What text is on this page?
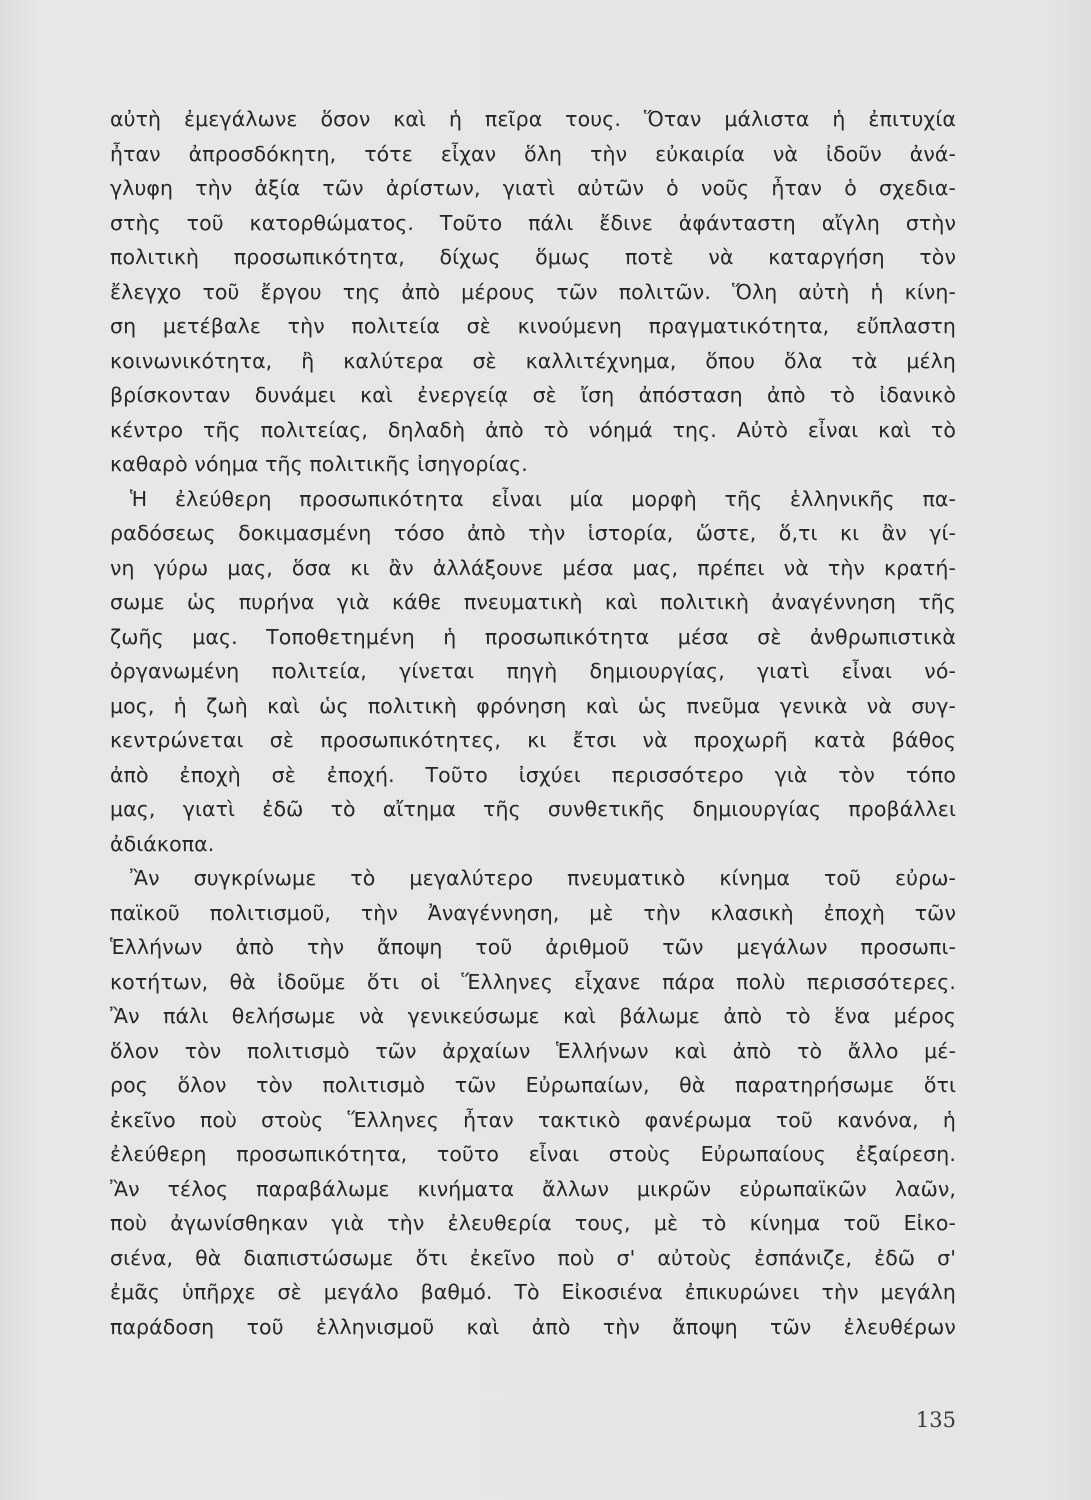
αὐτὴ ἐμεγάλωνε ὅσον καὶ ἡ πεῖρα τους. Ὅταν μάλιστα ἡ ἐπιτυχία
ἦταν ἀπροσδόκητη, τότε εἶχαν ὅλη τὴν εὐκαιρία νὰ ἰδοῦν ἀνά-
γλυφη τὴν ἀξία τῶν ἀρίστων, γιατὶ αὐτῶν ὁ νοῦς ἦταν ὁ σχεδια-
στὴς τοῦ κατορθώματος. Τοῦτο πάλι ἔδινε ἀφάνταστη αἴγλη στὴν
πολιτικὴ προσωπικότητα, δίχως ὅμως ποτὲ νὰ καταργήση τὸν
ἔλεγχο τοῦ ἔργου της ἀπὸ μέρους τῶν πολιτῶν. Ὅλη αὐτὴ ἡ κίνη-
ση μετέβαλε τὴν πολιτεία σὲ κινούμενη πραγματικότητα, εὔπλαστη
κοινωνικότητα, ἢ καλύτερα σὲ καλλιτέχνημα, ὅπου ὅλα τὰ μέλη
βρίσκονταν δυνάμει καὶ ἐνεργείᾳ σὲ ἴση ἀπόσταση ἀπὸ τὸ ἰδανικὸ
κέντρο τῆς πολιτείας, δηλαδὴ ἀπὸ τὸ νόημά της. Αὐτὸ εἶναι καὶ τὸ
καθαρὸ νόημα τῆς πολιτικῆς ἰσηγορίας.
Ἡ ἐλεύθερη προσωπικότητα εἶναι μία μορφὴ τῆς ἑλληνικῆς πα-
ραδόσεως δοκιμασμένη τόσο ἀπὸ τὴν ἱστορία, ὥστε, ὅ,τι κι ἂν γί-
νη γύρω μας, ὅσα κι ἂν ἀλλάξουνε μέσα μας, πρέπει νὰ τὴν κρατή-
σωμε ὡς πυρήνα γιὰ κάθε πνευματικὴ καὶ πολιτικὴ ἀναγέννηση τῆς
ζωῆς μας. Τοποθετημένη ἡ προσωπικότητα μέσα σὲ ἀνθρωπιστικὰ
ὀργανωμένη πολιτεία, γίνεται πηγὴ δημιουργίας, γιατὶ εἶναι νό-
μος, ἡ ζωὴ καὶ ὡς πολιτικὴ φρόνηση καὶ ὡς πνεῦμα γενικὰ νὰ συγ-
κεντρώνεται σὲ προσωπικότητες, κι ἔτσι νὰ προχωρῆ κατὰ βάθος
ἀπὸ ἐποχὴ σὲ ἐποχή. Τοῦτο ἰσχύει περισσότερο γιὰ τὸν τόπο
μας, γιατὶ ἐδῶ τὸ αἴτημα τῆς συνθετικῆς δημιουργίας προβάλλει
ἀδιάκοπα.
Ἂν συγκρίνωμε τὸ μεγαλύτερο πνευματικὸ κίνημα τοῦ εὐρω-
παϊκοῦ πολιτισμοῦ, τὴν Ἀναγέννηση, μὲ τὴν κλασικὴ ἐποχὴ τῶν
Ἑλλήνων ἀπὸ τὴν ἄποψη τοῦ ἀριθμοῦ τῶν μεγάλων προσωπι-
κοτήτων, θὰ ἰδοῦμε ὅτι οἱ Ἕλληνες εἶχανε πάρα πολὺ περισσότερες.
Ἂν πάλι θελήσωμε νὰ γενικεύσωμε καὶ βάλωμε ἀπὸ τὸ ἕνα μέρος
ὅλον τὸν πολιτισμὸ τῶν ἀρχαίων Ἑλλήνων καὶ ἀπὸ τὸ ἄλλο μέ-
ρος ὅλον τὸν πολιτισμὸ τῶν Εὐρωπαίων, θὰ παρατηρήσωμε ὅτι
ἐκεῖνο ποὺ στοὺς Ἕλληνες ἦταν τακτικὸ φανέρωμα τοῦ κανόνα, ἡ
ἐλεύθερη προσωπικότητα, τοῦτο εἶναι στοὺς Εὐρωπαίους ἐξαίρεση.
Ἂν τέλος παραβάλωμε κινήματα ἄλλων μικρῶν εὐρωπαϊκῶν λαῶν,
ποὺ ἀγωνίσθηκαν γιὰ τὴν ἐλευθερία τους, μὲ τὸ κίνημα τοῦ Εἰκο-
σιένα, θὰ διαπιστώσωμε ὅτι ἐκεῖνο ποὺ σ' αὐτοὺς ἐσπάνιζε, ἐδῶ σ'
ἐμᾶς ὑπῆρχε σὲ μεγάλο βαθμό. Τὸ Εἰκοσιένα ἐπικυρώνει τὴν μεγάλη
παράδοση τοῦ ἑλληνισμοῦ καὶ ἀπὸ τὴν ἄποψη τῶν ἐλευθέρων
135
